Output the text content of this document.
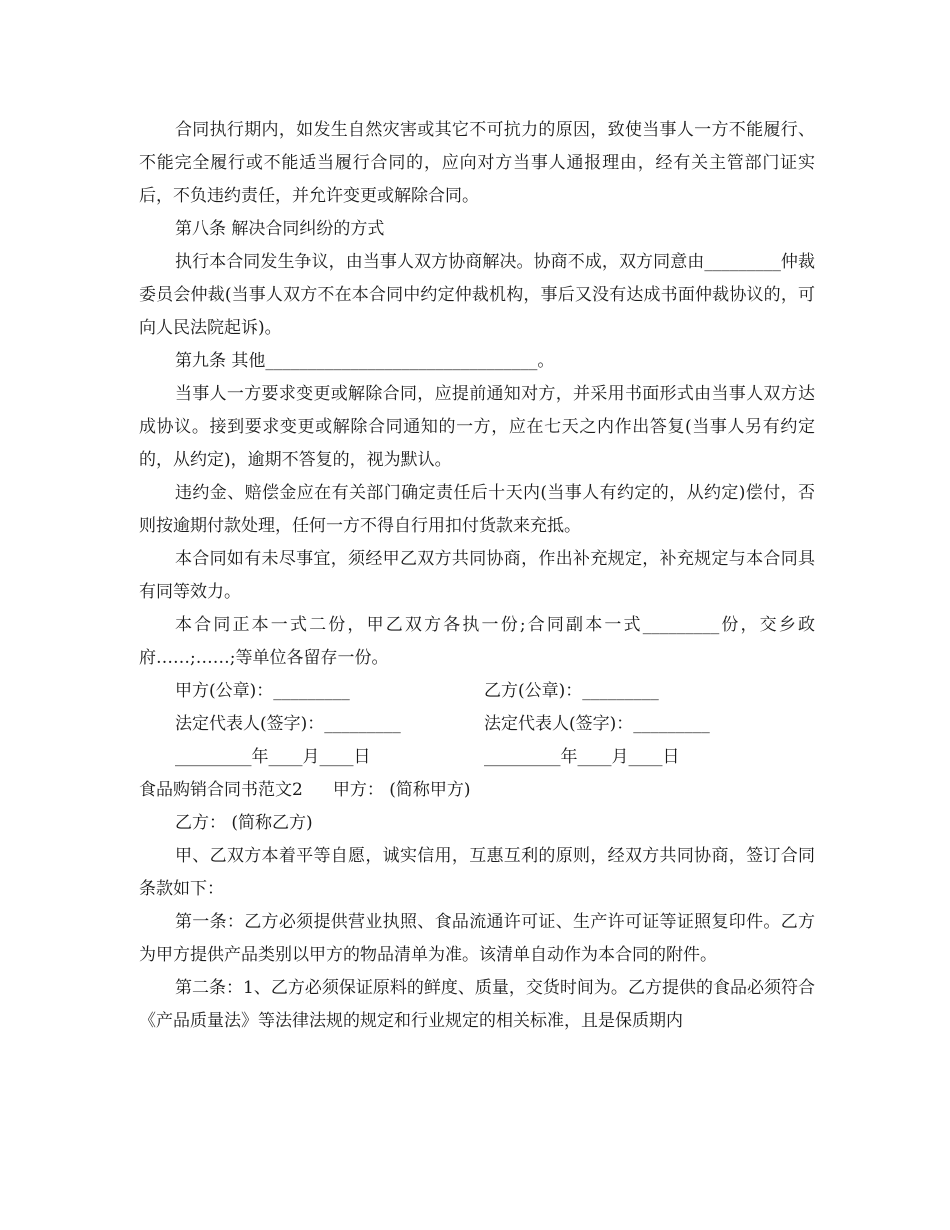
合同执行期内，如发生自然灾害或其它不可抗力的原因，致使当事人一方不能履行、不能完全履行或不能适当履行合同的，应向对方当事人通报理由，经有关主管部门证实后，不负违约责任，并允许变更或解除合同。

第八条 解决合同纠纷的方式

执行本合同发生争议，由当事人双方协商解决。协商不成，双方同意由_________仲裁委员会仲裁(当事人双方不在本合同中约定仲裁机构，事后又没有达成书面仲裁协议的，可向人民法院起诉)。

第九条 其他________________________________。

当事人一方要求变更或解除合同，应提前通知对方，并采用书面形式由当事人双方达成协议。接到要求变更或解除合同通知的一方，应在七天之内作出答复(当事人另有约定的，从约定)，逾期不答复的，视为默认。

违约金、赔偿金应在有关部门确定责任后十天内(当事人有约定的，从约定)偿付，否则按逾期付款处理，任何一方不得自行用扣付货款来充抵。

本合同如有未尽事宜，须经甲乙双方共同协商，作出补充规定，补充规定与本合同具有同等效力。

本合同正本一式二份，甲乙双方各执一份;合同副本一式_________份，交乡政府……;……;等单位各留存一份。

甲方(公章)：_________	乙方(公章)：_________
法定代表人(签字)：_________	法定代表人(签字)：_________
_________年____月____日	_________年____月____日
食品购销合同书范文2 甲方： (简称甲方)

乙方： (简称乙方)

甲、乙双方本着平等自愿，诚实信用，互惠互利的原则，经双方共同协商，签订合同条款如下：

第一条：乙方必须提供营业执照、食品流通许可证、生产许可证等证照复印件。乙方为甲方提供产品类别以甲方的物品清单为准。该清单自动作为本合同的附件。

第二条：1、乙方必须保证原料的鲜度、质量，交货时间为。乙方提供的食品必须符合《产品质量法》等法律法规的规定和行业规定的相关标准，且是保质期内
